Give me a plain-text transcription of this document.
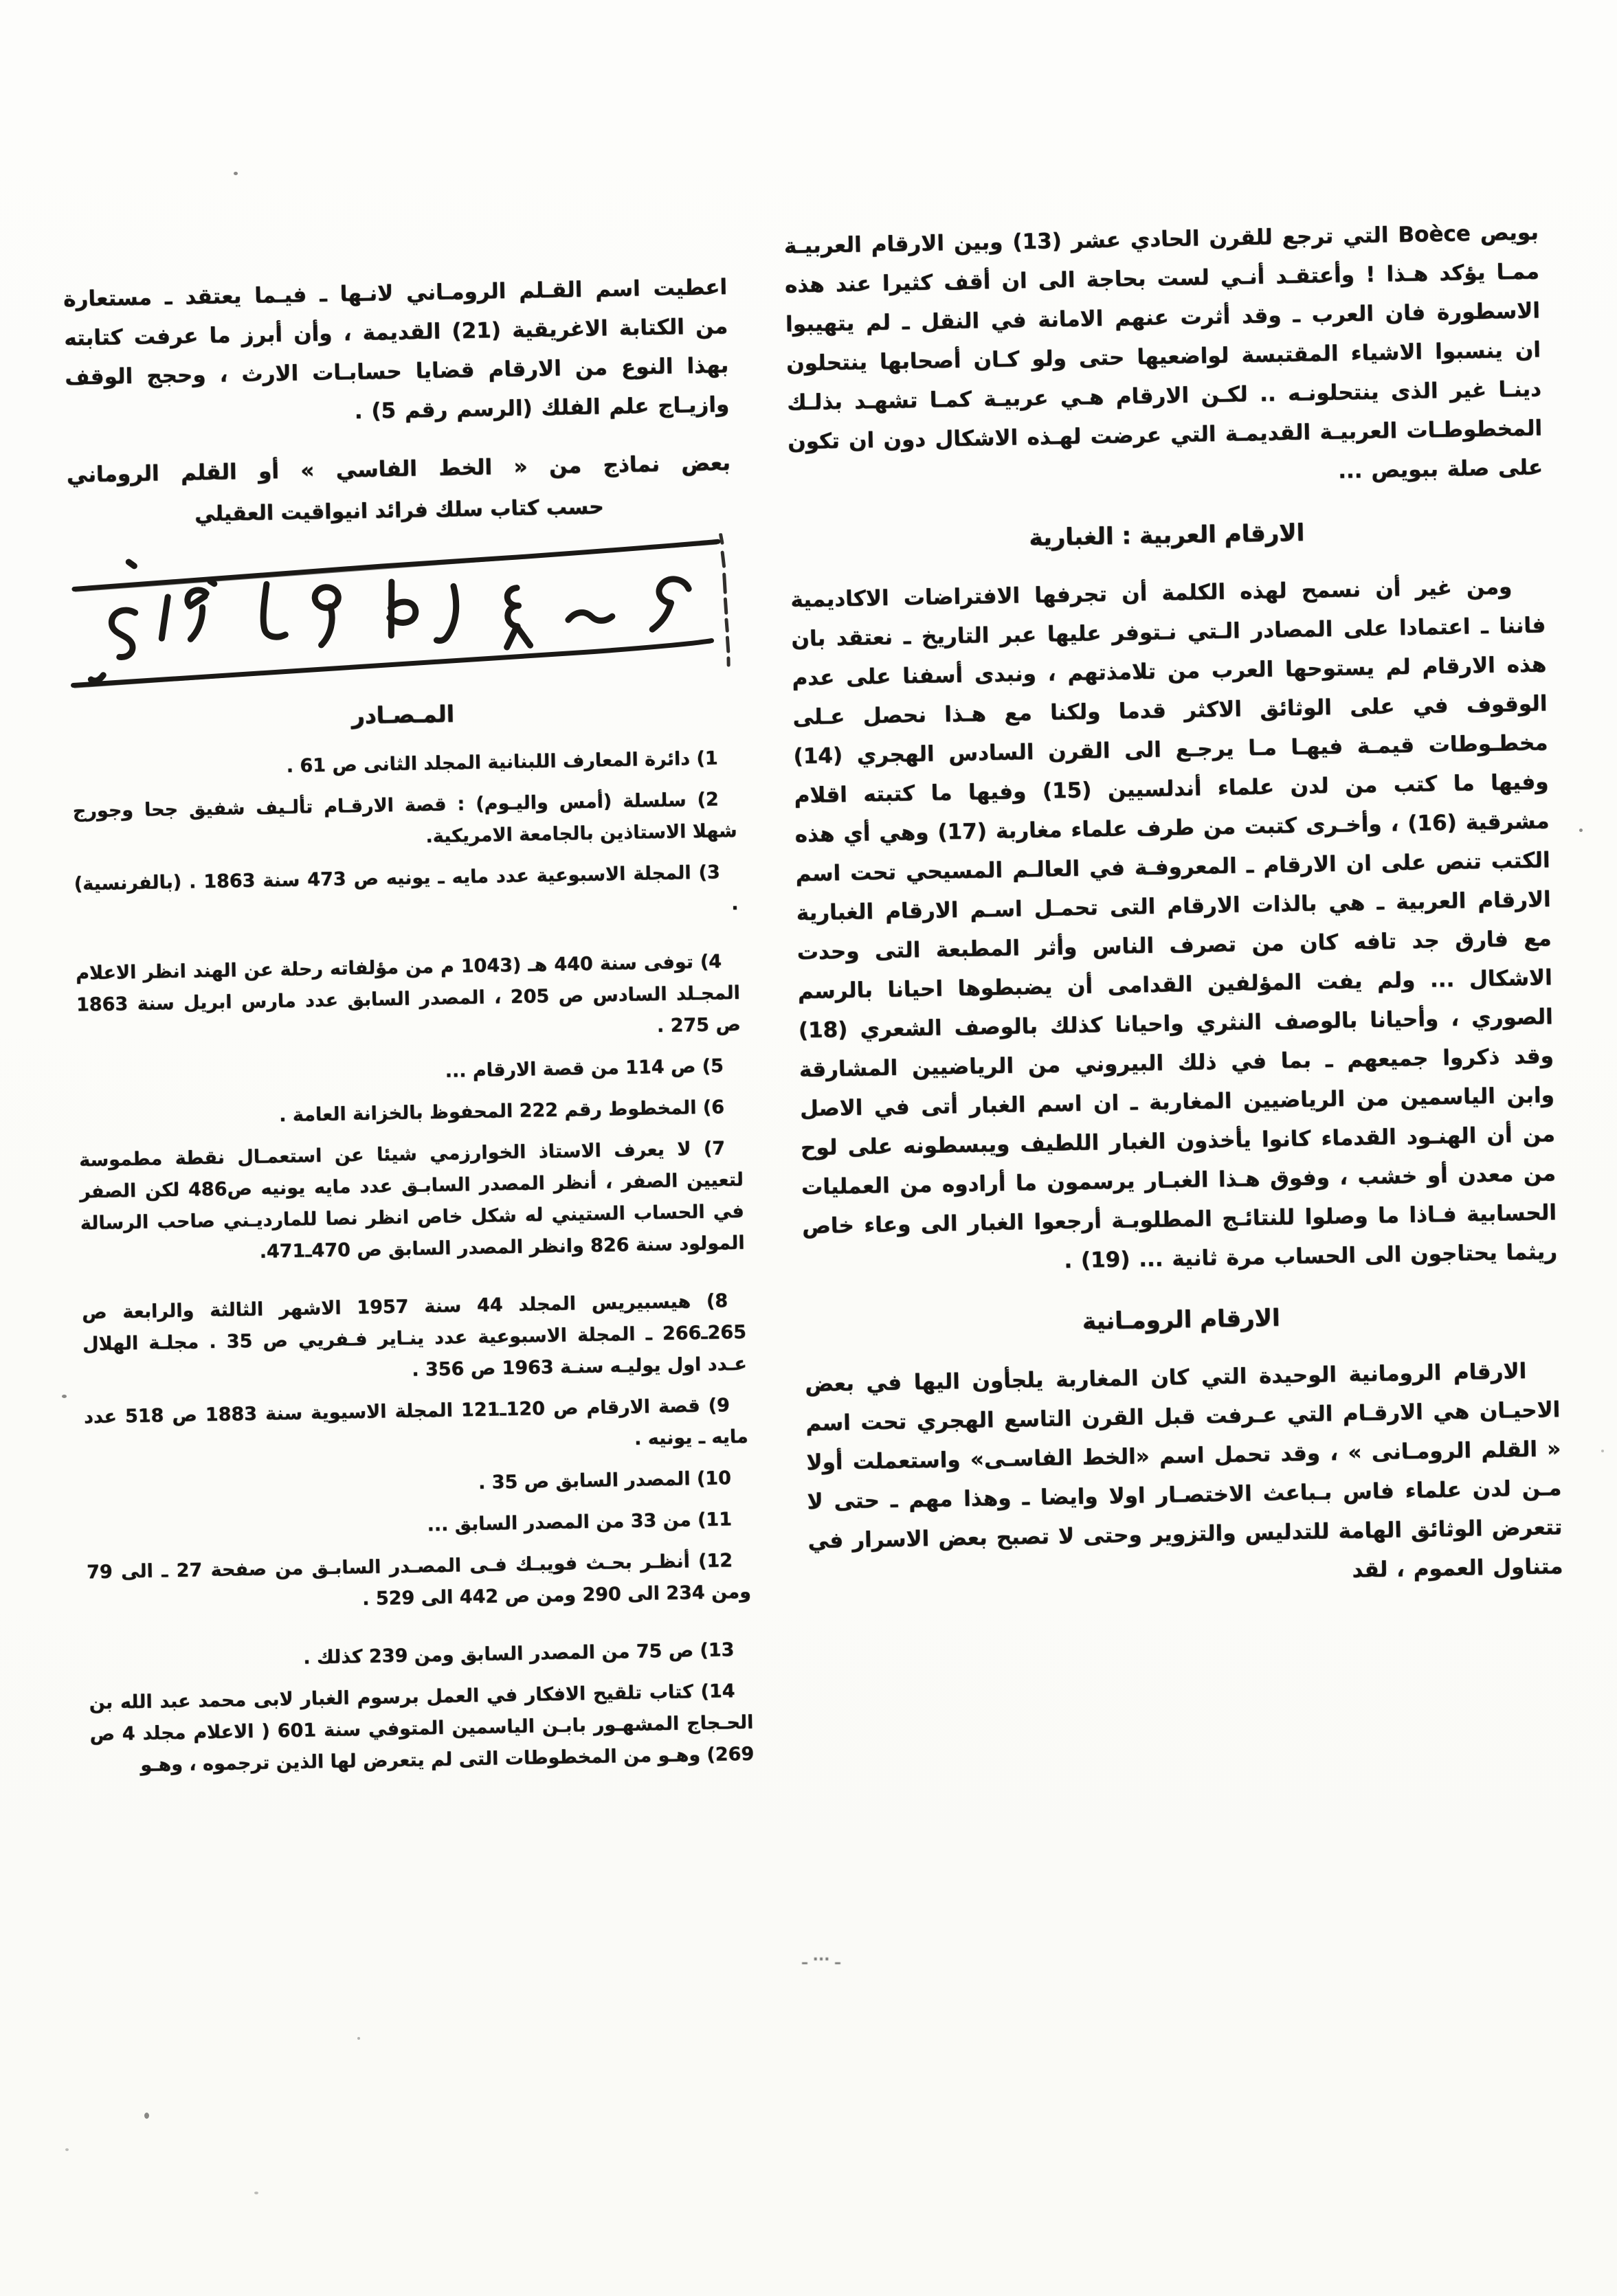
بويص Boèce التي ترجع للقرن الحادي عشر (13) وبين الارقام العربيـة ممـا يؤكد هـذا ! وأعتقـد أنـي لست بحاجة الى ان أقف كثيرا عند هذه الاسطورة فان العرب ـ وقد أثرت عنهم الامانة في النقل ـ لم يتهيبوا ان ينسبوا الاشياء المقتبسة لواضعيها حتى ولو كـان أصحابها ينتحلون دينـا غير الذى ينتحلونـه .. لكـن الارقام هـي عربيـة كمـا تشهـد بذلـك المخطوطـات العربيـة القديمـة التي عرضت لهـذه الاشكال دون ان تكون على صلة ببويص ...

الارقام العربية : الغبارية

ومن غير أن نسمح لهذه الكلمة أن تجرفها الافتراضات الاكاديمية فاننا ـ اعتمادا على المصادر الـتي نـتوفر عليها عبر التاريخ ـ نعتقد بان هذه الارقام لم يستوحها العرب من تلامذتهم ، ونبدى أسفنا على عدم الوقوف في على الوثائق الاكثر قدما ولكنا مع هـذا نحصل عـلى مخطـوطات قيمـة فيهـا مـا يرجـع الى القرن السادس الهجري (14) وفيها ما كتب من لدن علماء أندلسيين (15) وفيها ما كتبته اقلام مشرقية (16) ، وأخـرى كتبت من طرف علماء مغاربة (17) وهي أي هذه الكتب تنص على ان الارقام ـ المعروفـة في العالـم المسيحي تحت اسم الارقام العربية ـ هي بالذات الارقام التى تحمـل اسـم الارقام الغبارية مع فارق جد تافه كان من تصرف الناس وأثر المطبعة التى وحدت الاشكال ... ولم يفت المؤلفين القدامى أن يضبطوها احيانا بالرسم الصوري ، وأحيانا بالوصف النثري واحيانا كذلك بالوصف الشعري (18) وقد ذكروا جميعهم ـ بما في ذلك البيروني من الرياضيين المشارقة وابن الياسمين من الرياضيين المغاربة ـ ان اسم الغبار أتى في الاصل من أن الهنـود القدماء كانوا يأخذون الغبار اللطيف ويبسطونه على لوح من معدن أو خشب ، وفوق هـذا الغبـار يرسمون ما أرادوه من العمليات الحسابية فـاذا ما وصلوا للنتائـج المطلوبـة أرجعوا الغبار الى وعاء خاص ريثما يحتاجون الى الحساب مرة ثانية ... (19) .

الارقام الرومـانية

الارقام الرومانية الوحيدة التي كان المغاربة يلجأون اليها في بعض الاحيـان هي الارقـام التي عـرفت قبل القرن التاسع الهجري تحت اسم « القلم الرومـانى » ، وقد تحمل اسم «الخط الفاسـى» واستعملت أولا مـن لدن علماء فاس بـباعث الاختصـار اولا وايضا ـ وهذا مهم ـ حتى لا تتعرض الوثائق الهامة للتدليس والتزوير وحتى لا تصبح بعض الاسرار في متناول العموم ، لقد

اعطيت اسم القـلم الرومـاني لانـها ـ فيـما يعتقد ـ مستعارة من الكتابة الاغريقية (21) القديمة ، وأن أبرز ما عرفت كتابته بهذا النوع من الارقام قضايا حسابـات الارث ، وحجج الوقف وازيـاج علم الفلك (الرسم رقم 5) .

بعض نماذج من « الخط الفاسي » أو القلم الروماني

حسب كتاب سلك فرائد انيواقيت العقيلي

المـصـادر

1) دائرة المعارف اللبنانية المجلد الثانى ص 61 .

2) سلسلة (أمس واليـوم) : قصة الارقـام تألـيف شفيق جحا وجورج شهلا الاستاذين بالجامعة الامريكية.

3) المجلة الاسبوعية عدد مايه ـ يونيه ص 473 سنة 1863 . (بالفرنسية) .

4) توفى سنة 440 هـ (1043 م من مؤلفاته رحلة عن الهند انظر الاعلام المجـلد السادس ص 205 ، المصدر السابق عدد مارس ابريل سنة 1863 ص 275 .

5) ص 114 من قصة الارقام ...

6) المخطوط رقم 222 المحفوظ بالخزانة العامة .

7) لا يعرف الاستاذ الخوارزمي شيئا عن استعمـال نقطة مطموسة لتعيين الصفر ، أنظر المصدر السابـق عدد مايه يونيه ص486 لكن الصفر في الحساب الستيني له شكل خاص انظر نصا للمارديـني صاحب الرسالة المولود سنة 826 وانظر المصدر السابق ص 470ـ471.

8) هيسبيريس المجلد 44 سنة 1957 الاشهر الثالثة والرابعة ص 265ـ266 ـ المجلة الاسبوعية عدد ينـاير فـفريي ص 35 . مجلـة الهلال عـدد اول يوليـه سنـة 1963 ص 356 .

9) قصة الارقام ص 120ـ121 المجلة الاسيوية سنة 1883 ص 518 عدد مايه ـ يونيه .

10) المصدر السابق ص 35 .

11) من 33 من المصدر السابق ...

12) أنظـر بحـث فويبـك فـى المصـدر السابـق من صفحة 27 ـ الى 79 ومن 234 الى 290 ومن ص 442 الى 529 .

13) ص 75 من المصدر السابق ومن 239 كذلك .

14) كتاب تلقيح الافكار في العمل برسوم الغبار لابى محمد عبد الله بن الحـجاج المشهـور بابـن الياسمين المتوفي سنة 601 ( الاعلام مجلد 4 ص 269) وهـو من المخطوطات التى لم يتعرض لها الذين ترجموه ، وهـو

ـ ··· ـ
